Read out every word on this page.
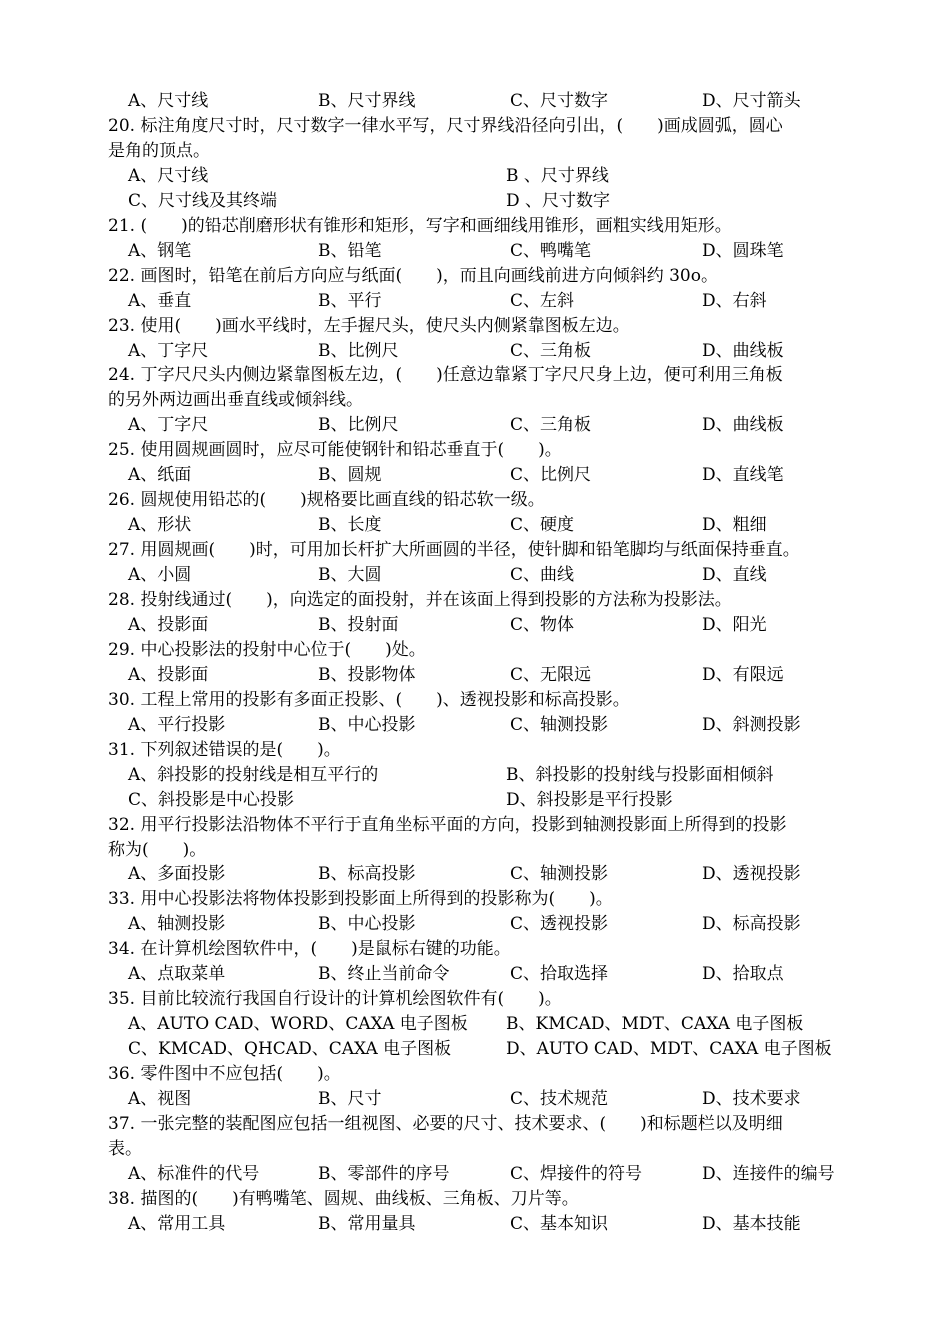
A、尺寸线	B、尺寸界线	C、尺寸数字	D、尺寸箭头
20. 标注角度尺寸时，尺寸数字一律水平写，尺寸界线沿径向引出，(　　)画成圆弧，圆心
是角的顶点。
A、尺寸线	B 、尺寸界线
C、尺寸线及其终端	D 、尺寸数字
21. (　　)的铅芯削磨形状有锥形和矩形，写字和画细线用锥形，画粗实线用矩形。
A、钢笔	B、铅笔	C、鸭嘴笔	D、圆珠笔
22. 画图时，铅笔在前后方向应与纸面(　　)，而且向画线前进方向倾斜约 30o。
A、垂直	B、平行	C、左斜	D、右斜
23. 使用(　　)画水平线时，左手握尺头，使尺头内侧紧靠图板左边。
A、丁字尺	B、比例尺	C、三角板	D、曲线板
24. 丁字尺尺头内侧边紧靠图板左边，(　　)任意边靠紧丁字尺尺身上边，便可利用三角板
的另外两边画出垂直线或倾斜线。
A、丁字尺	B、比例尺	C、三角板	D、曲线板
25. 使用圆规画圆时，应尽可能使钢针和铅芯垂直于(　　)。
A、纸面	B、圆规	C、比例尺	D、直线笔
26. 圆规使用铅芯的(　　)规格要比画直线的铅芯软一级。
A、形状	B、长度	C、硬度	D、粗细
27. 用圆规画(　　)时，可用加长杆扩大所画圆的半径，使针脚和铅笔脚均与纸面保持垂直。
A、小圆	B、大圆	C、曲线	D、直线
28. 投射线通过(　　)，向选定的面投射，并在该面上得到投影的方法称为投影法。
A、投影面	B、投射面	C、物体	D、阳光
29. 中心投影法的投射中心位于(　　)处。
A、投影面	B、投影物体	C、无限远	D、有限远
30. 工程上常用的投影有多面正投影、(　　)、透视投影和标高投影。
A、平行投影	B、中心投影	C、轴测投影	D、斜测投影
31. 下列叙述错误的是(　　)。
A、斜投影的投射线是相互平行的	B、斜投影的投射线与投影面相倾斜
C、斜投影是中心投影	D、斜投影是平行投影
32. 用平行投影法沿物体不平行于直角坐标平面的方向，投影到轴测投影面上所得到的投影
称为(　　)。
A、多面投影	B、标高投影	C、轴测投影	D、透视投影
33. 用中心投影法将物体投影到投影面上所得到的投影称为(　　)。
A、轴测投影	B、中心投影	C、透视投影	D、标高投影
34. 在计算机绘图软件中，(　　)是鼠标右键的功能。
A、点取菜单	B、终止当前命令	C、拾取选择	D、拾取点
35. 目前比较流行我国自行设计的计算机绘图软件有(　　)。
A、AUTO CAD、WORD、CAXA 电子图板 B、KMCAD、MDT、CAXA 电子图板
C、KMCAD、QHCAD、CAXA 电子图板	D、AUTO CAD、MDT、CAXA 电子图板
36. 零件图中不应包括(　　)。
A、视图	B、尺寸	C、技术规范	D、技术要求
37. 一张完整的装配图应包括一组视图、必要的尺寸、技术要求、(　　)和标题栏以及明细
表。
A、标准件的代号	B、零部件的序号	C、焊接件的符号	D、连接件的编号
38. 描图的(　　)有鸭嘴笔、圆规、曲线板、三角板、刀片等。
A、常用工具	B、常用量具	C、基本知识	D、基本技能
